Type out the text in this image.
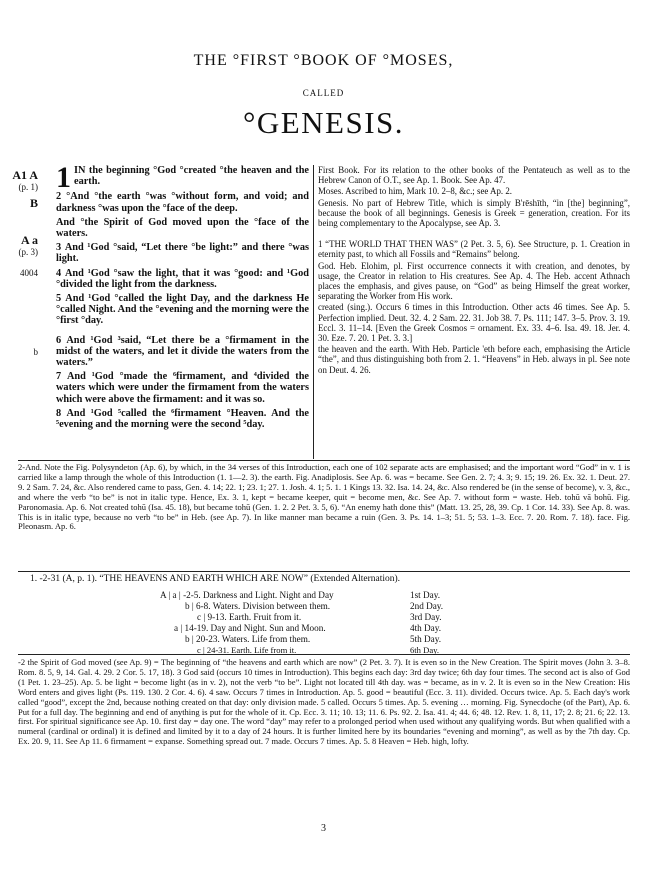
THE °FIRST °BOOK OF °MOSES,
CALLED
°GENESIS.
A1 A
(p. 1)
B
A a
(p. 3)
4004
b

1 IN the beginning °God °created °the heaven and the earth.

2 °And °the earth °was °without form, and void; and darkness °was upon the °face of the deep.

And °the Spirit of God moved upon the °face of the waters.

3 And ¹God °said, “Let there °be light:” and there °was light.

4 And ¹God °saw the light, that it was °good: and ¹God °divided the light from the darkness.

5 And ¹God °called the light Day, and the darkness He °called Night. And the °evening and the morning were the °first °day.

6 And ¹God ³said, “Let there be a °firmament in the midst of the waters, and let it divide the waters from the waters.”

7 And ¹God °made the ⁶firmament, and ⁴divided the waters which were under the firmament from the waters which were above the firmament: and it was so.

8 And ¹God ⁵called the ⁶firmament °Heaven. And the ⁵evening and the morning were the second ⁵day.

First Book. For its relation to the other books of the Pentateuch as well as to the Hebrew Canon of O.T., see Ap. 1. Book. See Ap. 47.

Moses. Ascribed to him, Mark 10. 2–8, &c.; see Ap. 2.

Genesis. No part of Hebrew Title, which is simply B'rēshīth, “in [the] beginning”, because the book of all beginnings. Genesis is Greek = generation, creation. For its being complementary to the Apocalypse, see Ap. 3.

1 “THE WORLD THAT THEN WAS” (2 Pet. 3. 5, 6). See Structure, p. 1. Creation in eternity past, to which all Fossils and “Remains” belong.

God. Heb. Elohim, pl. First occurrence connects it with creation, and denotes, by usage, the Creator in relation to His creatures. See Ap. 4. The Heb. accent Athnach places the emphasis, and gives pause, on “God” as being Himself the great worker, separating the Worker from His work.

created (sing.). Occurs 6 times in this Introduction. Other acts 46 times. See Ap. 5. Perfection implied. Deut. 32. 4. 2 Sam. 22. 31. Job 38. 7. Ps. 111; 147. 3–5. Prov. 3. 19. Eccl. 3. 11–14. [Even the Greek Cosmos = ornament. Ex. 33. 4–6. Isa. 49. 18. Jer. 4. 30. Eze. 7. 20. 1 Pet. 3. 3.]

the heaven and the earth. With Heb. Particle 'eth before each, emphasising the Article “the”, and thus distinguishing both from 2. 1. “Heavens” in Heb. always in pl. See note on Deut. 4. 26.

2-And. Note the Fig. Polysyndeton (Ap. 6), by which, in the 34 verses of this Introduction, each one of 102 separate acts are emphasised; and the important word “God” in v. 1 is carried like a lamp through the whole of this Introduction (1. 1—2. 3). the earth. Fig. Anadiplosis. See Ap. 6. was = became. See Gen. 2. 7; 4. 3; 9. 15; 19. 26. Ex. 32. 1. Deut. 27. 9. 2 Sam. 7. 24, &c. Also rendered came to pass, Gen. 4. 14; 22. 1; 23. 1; 27. 1. Josh. 4. 1; 5. 1. 1 Kings 13. 32. Isa. 14. 24, &c. Also rendered be (in the sense of become), v. 3, &c., and where the verb “to be” is not in italic type. Hence, Ex. 3. 1, kept = became keeper, quit = become men, &c. See Ap. 7. without form = waste. Heb. tohū vā bohū. Fig. Paronomasia. Ap. 6. Not created tohū (Isa. 45. 18), but became tohū (Gen. 1. 2. 2 Pet. 3. 5, 6). “An enemy hath done this” (Matt. 13. 25, 28, 39. Cp. 1 Cor. 14. 33). See Ap. 8. was. This is in italic type, because no verb “to be” in Heb. (see Ap. 7). In like manner man became a ruin (Gen. 3. Ps. 14. 1–3; 51. 5; 53. 1–3. Ecc. 7. 20. Rom. 7. 18). face. Fig. Pleonasm. Ap. 6.

1. -2-31 (A, p. 1). “THE HEAVENS AND EARTH WHICH ARE NOW” (Extended Alternation).
A | a | -2-5. Darkness and Light. Night and Day	1st Day.
b | 6-8. Waters. Division between them.	2nd Day.
c | 9-13. Earth. Fruit from it.	3rd Day.
a | 14-19. Day and Night. Sun and Moon.	4th Day.
b | 20-23. Waters. Life from them.	5th Day.
c | 24-31. Earth. Life from it.	6th Day.
-2 the Spirit of God moved (see Ap. 9) = The beginning of “the heavens and earth which are now” (2 Pet. 3. 7). It is even so in the New Creation. The Spirit moves (John 3. 3–8. Rom. 8. 5, 9, 14. Gal. 4. 29. 2 Cor. 5. 17, 18). 3 God said (occurs 10 times in Introduction). This begins each day: 3rd day twice; 6th day four times. The second act is also of God (1 Pet. 1. 23–25). Ap. 5. be light = become light (as in v. 2), not the verb “to be”. Light not located till 4th day. was = became, as in v. 2. It is even so in the New Creation: His Word enters and gives light (Ps. 119. 130. 2 Cor. 4. 6). 4 saw. Occurs 7 times in Introduction. Ap. 5. good = beautiful (Ecc. 3. 11). divided. Occurs twice. Ap. 5. Each day's work called “good”, except the 2nd, because nothing created on that day: only division made. 5 called. Occurs 5 times. Ap. 5. evening … morning. Fig. Synecdoche (of the Part), Ap. 6. Put for a full day. The beginning and end of anything is put for the whole of it. Cp. Ecc. 3. 11; 10. 13; 11. 6. Ps. 92. 2. Isa. 41. 4; 44. 6; 48. 12. Rev. 1. 8, 11, 17; 2. 8; 21. 6; 22. 13. first. For spiritual significance see Ap. 10. first day = day one. The word “day” may refer to a prolonged period when used without any qualifying words. But when qualified with a numeral (cardinal or ordinal) it is defined and limited by it to a day of 24 hours. It is further limited here by its boundaries “evening and morning”, as well as by the 7th day. Cp. Ex. 20. 9, 11. See Ap 11. 6 firmament = expanse. Something spread out. 7 made. Occurs 7 times. Ap. 5. 8 Heaven = Heb. high, lofty.
3
